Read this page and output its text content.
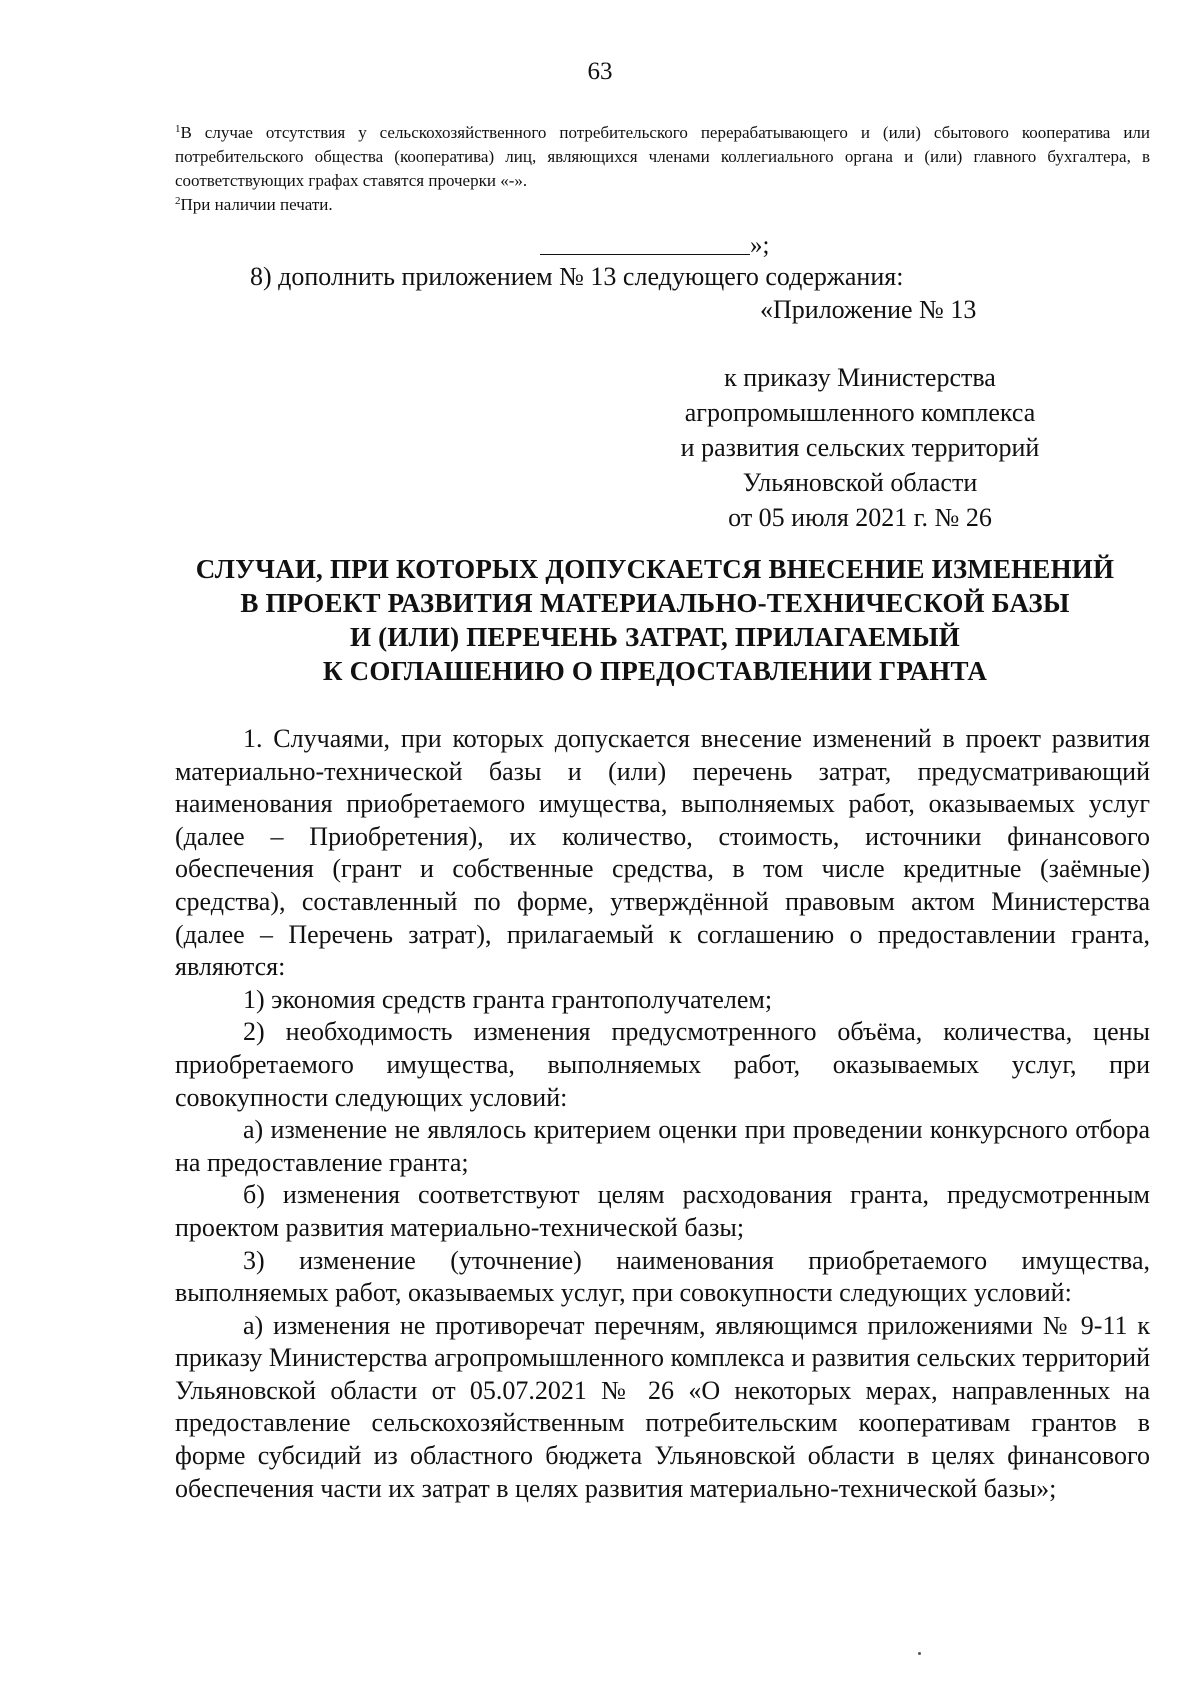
63

$^1$В случае отсутствия у сельскохозяйственного потребительского перерабатывающего и (или) сбытового кооператива или потребительского общества (кооператива) лиц, являющихся членами коллегиального органа и (или) главного бухгалтера, в соответствующих графах ставятся прочерки «-».

$^2$При наличии печати.

»;
8) дополнить приложением № 13 следующего содержания:
«Приложение № 13
к приказу Министерства
агропромышленного комплекса
и развития сельских территорий
Ульяновской области
от 05 июля 2021 г. № 26
СЛУЧАИ, ПРИ КОТОРЫХ ДОПУСКАЕТСЯ ВНЕСЕНИЕ ИЗМЕНЕНИЙ
В ПРОЕКТ РАЗВИТИЯ МАТЕРИАЛЬНО-ТЕХНИЧЕСКОЙ БАЗЫ
И (ИЛИ) ПЕРЕЧЕНЬ ЗАТРАТ, ПРИЛАГАЕМЫЙ
К СОГЛАШЕНИЮ О ПРЕДОСТАВЛЕНИИ ГРАНТА

1. Случаями, при которых допускается внесение изменений в проект развития материально-технической базы и (или) перечень затрат, предусматривающий наименования приобретаемого имущества, выполняемых работ, оказываемых услуг (далее – Приобретения), их количество, стоимость, источники финансового обеспечения (грант и собственные средства, в том числе кредитные (заёмные) средства), составленный по форме, утверждённой правовым актом Министерства (далее – Перечень затрат), прилагаемый к соглашению о предоставлении гранта, являются:

1) экономия средств гранта грантополучателем;

2) необходимость изменения предусмотренного объёма, количества, цены приобретаемого имущества, выполняемых работ, оказываемых услуг, при совокупности следующих условий:

а) изменение не являлось критерием оценки при проведении конкурсного отбора на предоставление гранта;

б) изменения соответствуют целям расходования гранта, предусмотренным проектом развития материально-технической базы;

3) изменение (уточнение) наименования приобретаемого имущества, выполняемых работ, оказываемых услуг, при совокупности следующих условий:

а) изменения не противоречат перечням, являющимся приложениями № 9-11 к приказу Министерства агропромышленного комплекса и развития сельских территорий Ульяновской области от 05.07.2021 № 26 «О некоторых мерах, направленных на предоставление сельскохозяйственным потребительским кооперативам грантов в форме субсидий из областного бюджета Ульяновской области в целях финансового обеспечения части их затрат в целях развития материально-технической базы»;
